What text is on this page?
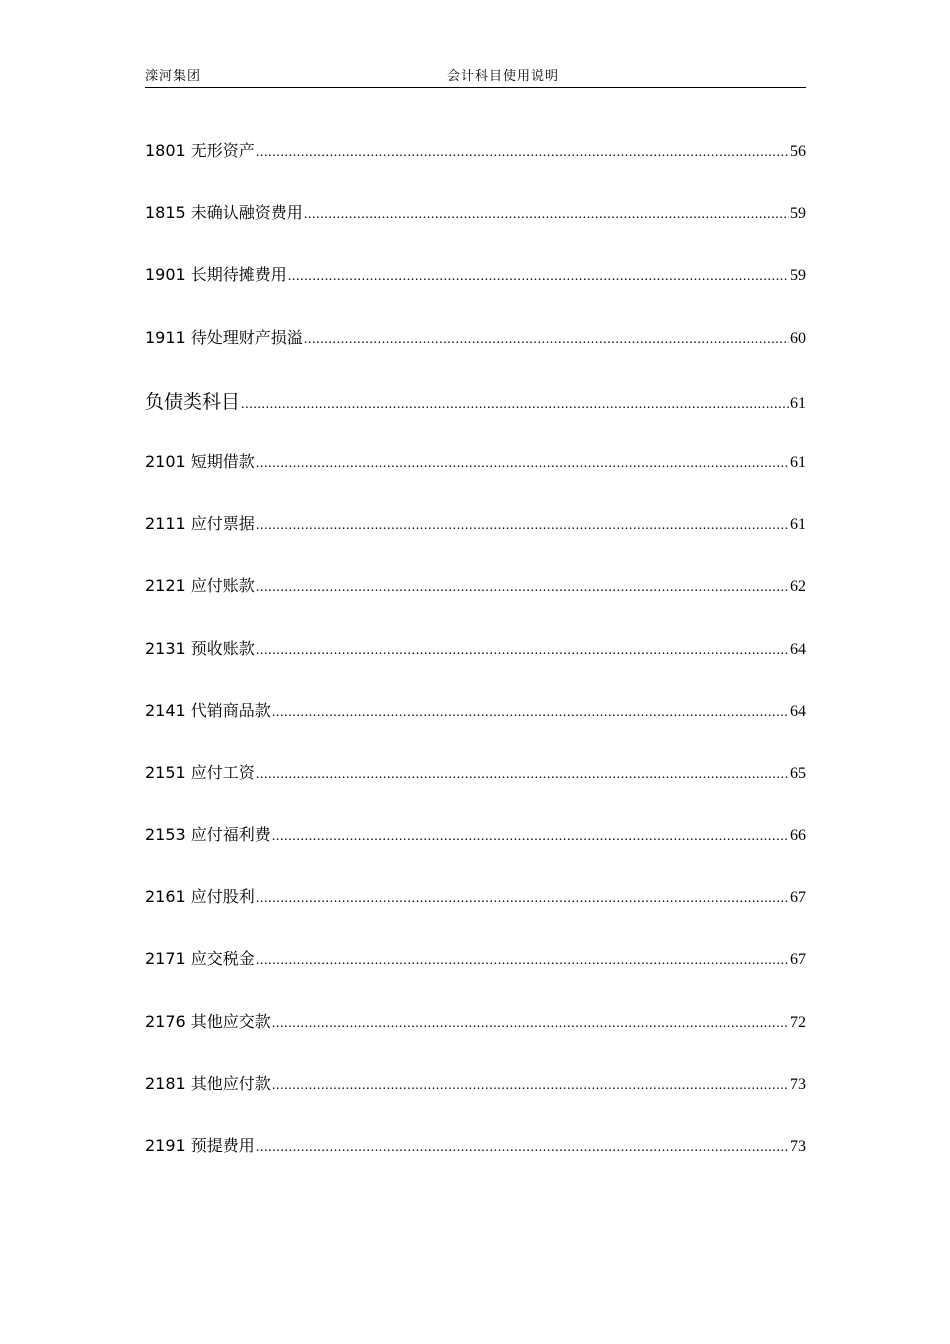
滦河集团	会计科目使用说明
1801 无形资产 .....	56
1815 未确认融资费用 .....	59
1901 长期待摊费用 .....	59
1911 待处理财产损溢 .....	60
负债类科目 .....	61
2101 短期借款 .....	61
2111 应付票据 .....	61
2121 应付账款 .....	62
2131 预收账款 .....	64
2141 代销商品款 .....	64
2151 应付工资 .....	65
2153 应付福利费 .....	66
2161 应付股利 .....	67
2171 应交税金 .....	67
2176 其他应交款 .....	72
2181 其他应付款 .....	73
2191 预提费用 .....	73
